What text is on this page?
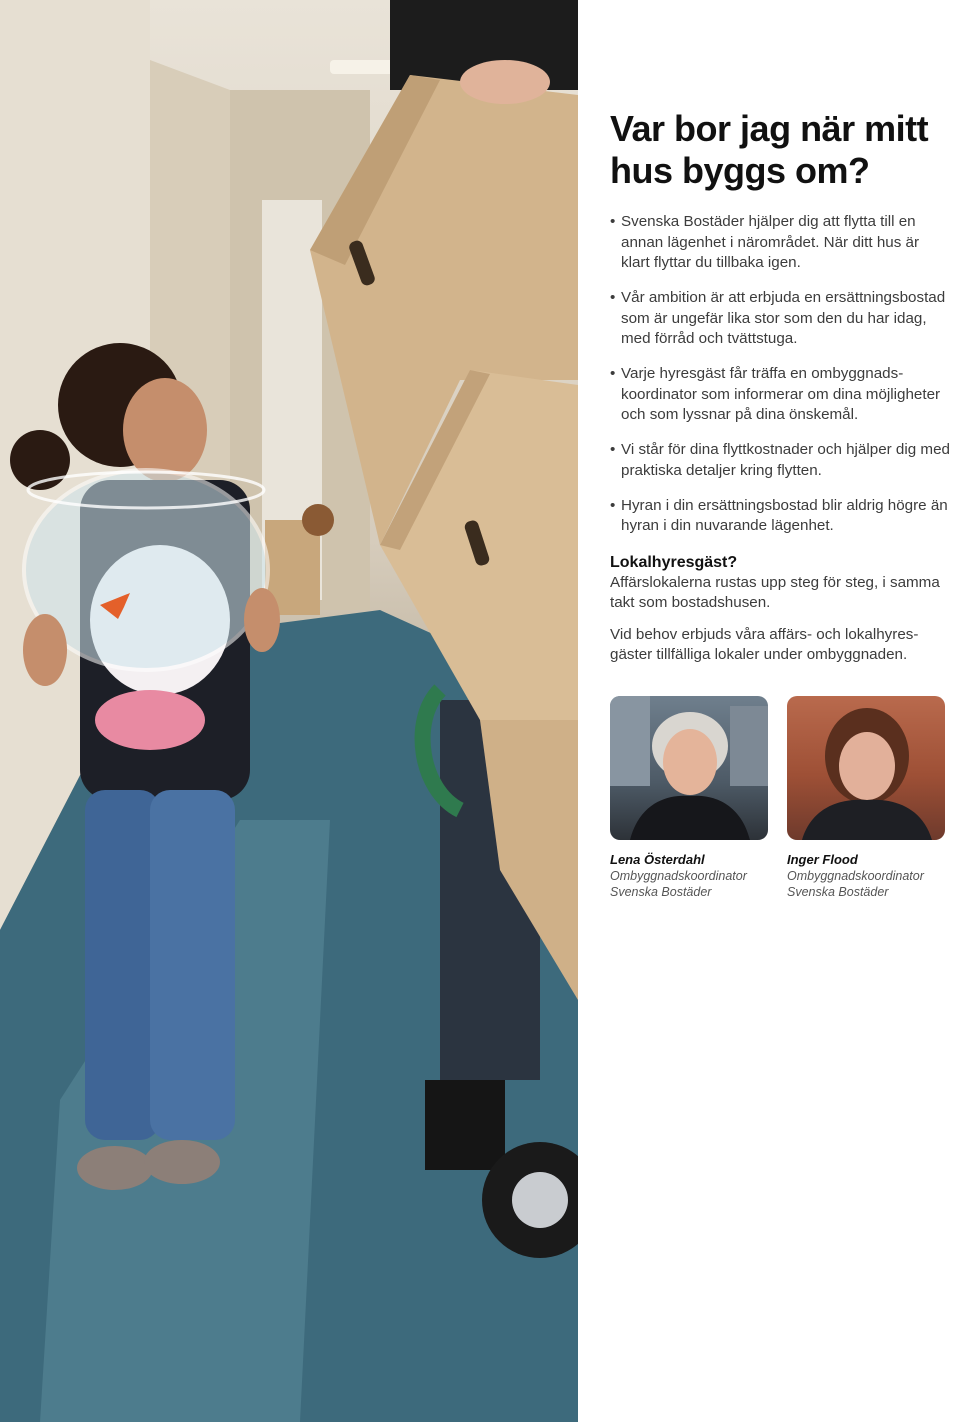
Var bor jag när mitt hus byggs om?
• Svenska Bostäder hjälper dig att flytta till en annan lägenhet i närområdet. När ditt hus är klart flyttar du tillbaka igen.
• Vår ambition är att erbjuda en ersättningsbostad som är ungefär lika stor som den du har idag, med förråd och tvättstuga.
• Varje hyresgäst får träffa en ombyggnadskoordinator som informerar om dina möjligheter och som lyssnar på dina önskemål.
• Vi står för dina flyttkostnader och hjälper dig med praktiska detaljer kring flytten.
• Hyran i din ersättningsbostad blir aldrig högre än hyran i din nuvarande lägenhet.
Lokalhyresgäst?

Affärslokalerna rustas upp steg för steg, i samma takt som bostadshusen.

Vid behov erbjuds våra affärs- och lokalhyresgäster tillfälliga lokaler under ombyggnaden.

Lena Österdahl
Ombyggnadskoordinator
Svenska Bostäder
Inger Flood
Ombyggnadskoordinator
Svenska Bostäder
